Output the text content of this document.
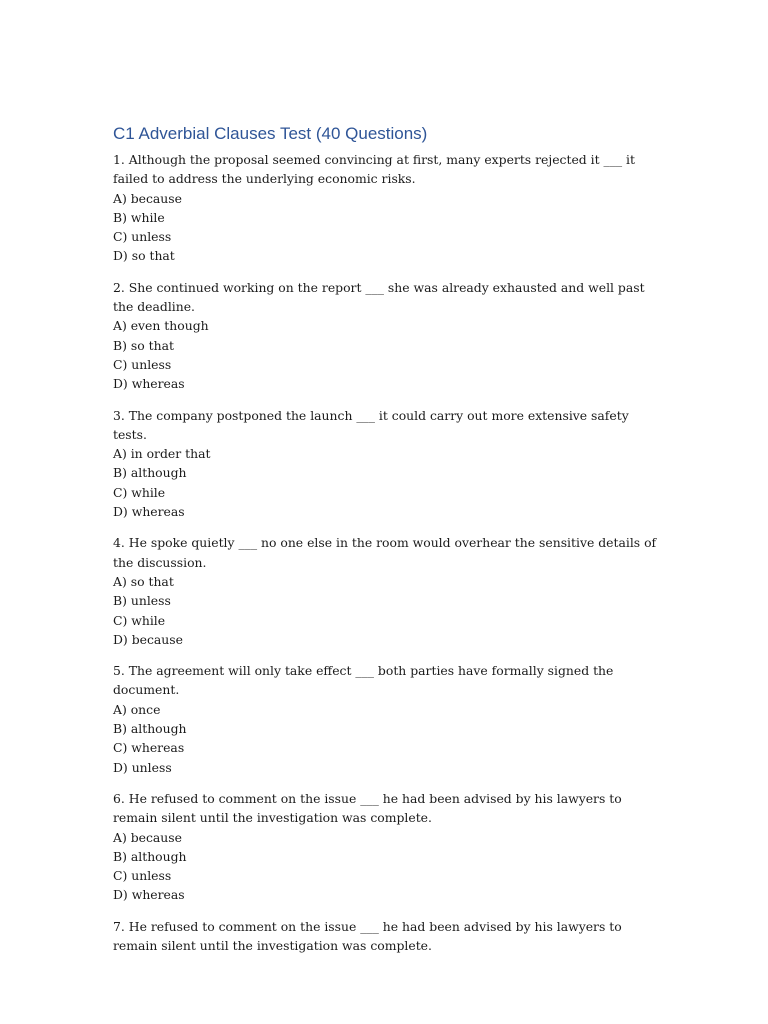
C1 Adverbial Clauses Test (40 Questions)

1. Although the proposal seemed convincing at first, many experts rejected it ___ it failed to address the underlying economic risks.

A) because
B) while
C) unless
D) so that

2. She continued working on the report ___ she was already exhausted and well past the deadline.

A) even though
B) so that
C) unless
D) whereas

3. The company postponed the launch ___ it could carry out more extensive safety tests.

A) in order that
B) although
C) while
D) whereas

4. He spoke quietly ___ no one else in the room would overhear the sensitive details of the discussion.

A) so that
B) unless
C) while
D) because

5. The agreement will only take effect ___ both parties have formally signed the document.

A) once
B) although
C) whereas
D) unless

6. He refused to comment on the issue ___ he had been advised by his lawyers to remain silent until the investigation was complete.

A) because
B) although
C) unless
D) whereas

7. He refused to comment on the issue ___ he had been advised by his lawyers to remain silent until the investigation was complete.
